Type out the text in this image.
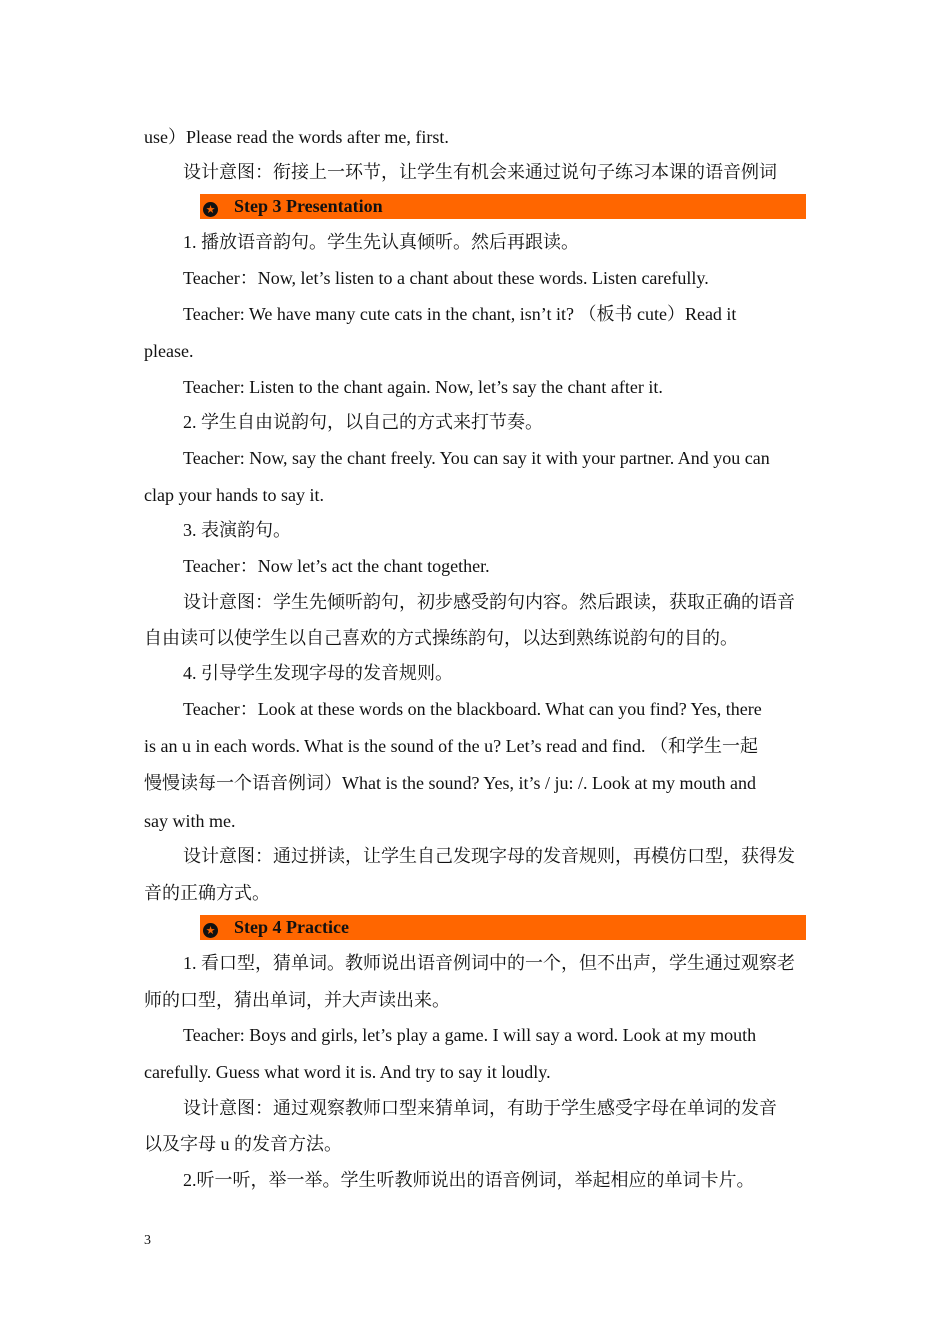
use）Please read the words after me, first.
设计意图：衔接上一环节，让学生有机会来通过说句子练习本课的语音例词
★ Step 3 Presentation
1. 播放语音韵句。学生先认真倾听。然后再跟读。
Teacher：Now, let’s listen to a chant about these words. Listen carefully.
Teacher: We have many cute cats in the chant, isn’t it? （板书 cute）Read it
please.
Teacher: Listen to the chant again. Now, let’s say the chant after it.
2. 学生自由说韵句，以自己的方式来打节奏。
Teacher: Now, say the chant freely. You can say it with your partner. And you can
clap your hands to say it.
3. 表演韵句。
Teacher：Now let’s act the chant together.
设计意图：学生先倾听韵句，初步感受韵句内容。然后跟读，获取正确的语音
自由读可以使学生以自己喜欢的方式操练韵句，以达到熟练说韵句的目的。
4. 引导学生发现字母的发音规则。
Teacher：Look at these words on the blackboard. What can you find? Yes, there
is an u in each words. What is the sound of the u? Let’s read and find. （和学生一起
慢慢读每一个语音例词）What is the sound? Yes, it’s / ju: /. Look at my mouth and
say with me.
设计意图：通过拼读，让学生自己发现字母的发音规则，再模仿口型，获得发
音的正确方式。
★ Step 4 Practice
1. 看口型，猜单词。教师说出语音例词中的一个，但不出声，学生通过观察老
师的口型，猜出单词，并大声读出来。
Teacher: Boys and girls, let’s play a game. I will say a word. Look at my mouth
carefully. Guess what word it is. And try to say it loudly.
设计意图：通过观察教师口型来猜单词，有助于学生感受字母在单词的发音
以及字母 u 的发音方法。
2.听一听，举一举。学生听教师说出的语音例词，举起相应的单词卡片。
3
